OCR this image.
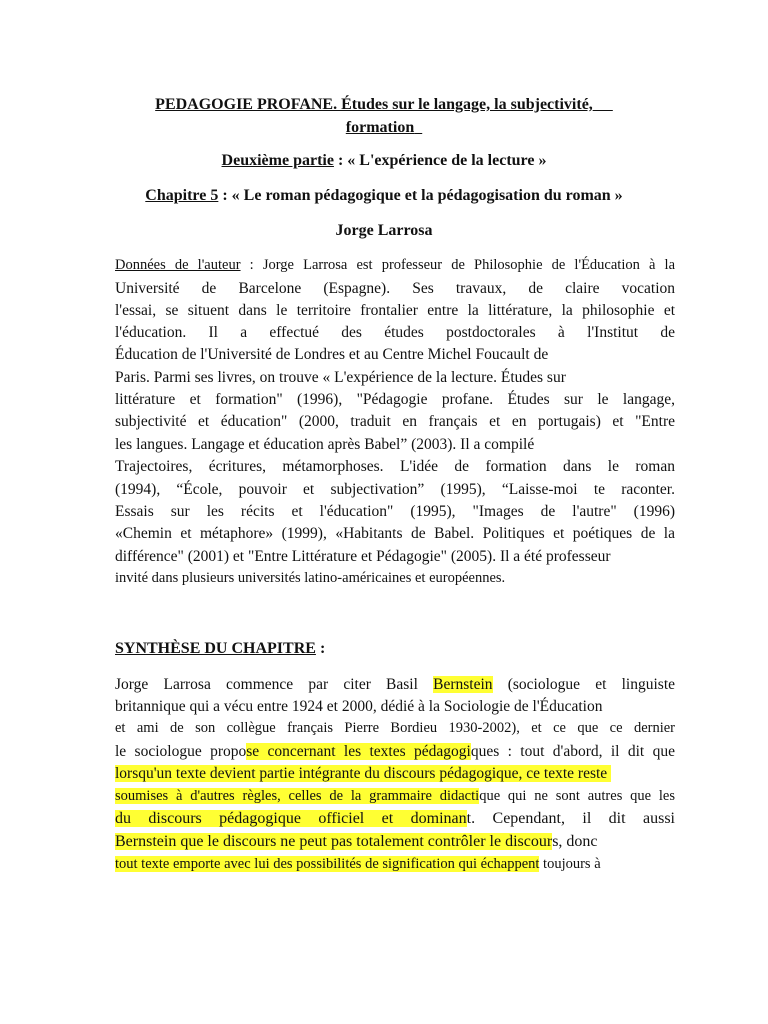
PEDAGOGIE PROFANE. Études sur le langage, la subjectivité,
formation
Deuxième partie : « L'expérience de la lecture »
Chapitre 5 : « Le roman pédagogique et la pédagogisation du roman »
Jorge Larrosa
Données de l'auteur : Jorge Larrosa est professeur de Philosophie de l'Éducation à la
Université de Barcelone (Espagne). Ses travaux, de claire vocation
l'essai, se situent dans le territoire frontalier entre la littérature, la philosophie et
l'éducation. Il a effectué des études postdoctorales à l'Institut de
Éducation de l'Université de Londres et au Centre Michel Foucault de
Paris. Parmi ses livres, on trouve « L'expérience de la lecture. Études sur
littérature et formation" (1996), "Pédagogie profane. Études sur le langage,
subjectivité et éducation" (2000, traduit en français et en portugais) et "Entre
les langues. Langage et éducation après Babel” (2003). Il a compilé
Trajectoires, écritures, métamorphoses. L'idée de formation dans le roman
(1994), “École, pouvoir et subjectivation” (1995), “Laisse-moi te raconter.
Essais sur les récits et l'éducation" (1995), "Images de l'autre" (1996)
«Chemin et métaphore» (1999), «Habitants de Babel. Politiques et poétiques de la
différence" (2001) et "Entre Littérature et Pédagogie" (2005). Il a été professeur
invité dans plusieurs universités latino-américaines et européennes.
SYNTHÈSE DU CHAPITRE :
Jorge Larrosa commence par citer Basil Bernstein (sociologue et linguiste
britannique qui a vécu entre 1924 et 2000, dédié à la Sociologie de l'Éducation
et ami de son collègue français Pierre Bordieu 1930-2002), et ce que ce dernier
le sociologue propose concernant les textes pédagogiques : tout d'abord, il dit que
lorsqu'un texte devient partie intégrante du discours pédagogique, ce texte reste
soumises à d'autres règles, celles de la grammaire didactique qui ne sont autres que les
du discours pédagogique officiel et dominant. Cependant, il dit aussi
Bernstein que le discours ne peut pas totalement contrôler le discours, donc
tout texte emporte avec lui des possibilités de signification qui échappent toujours à
